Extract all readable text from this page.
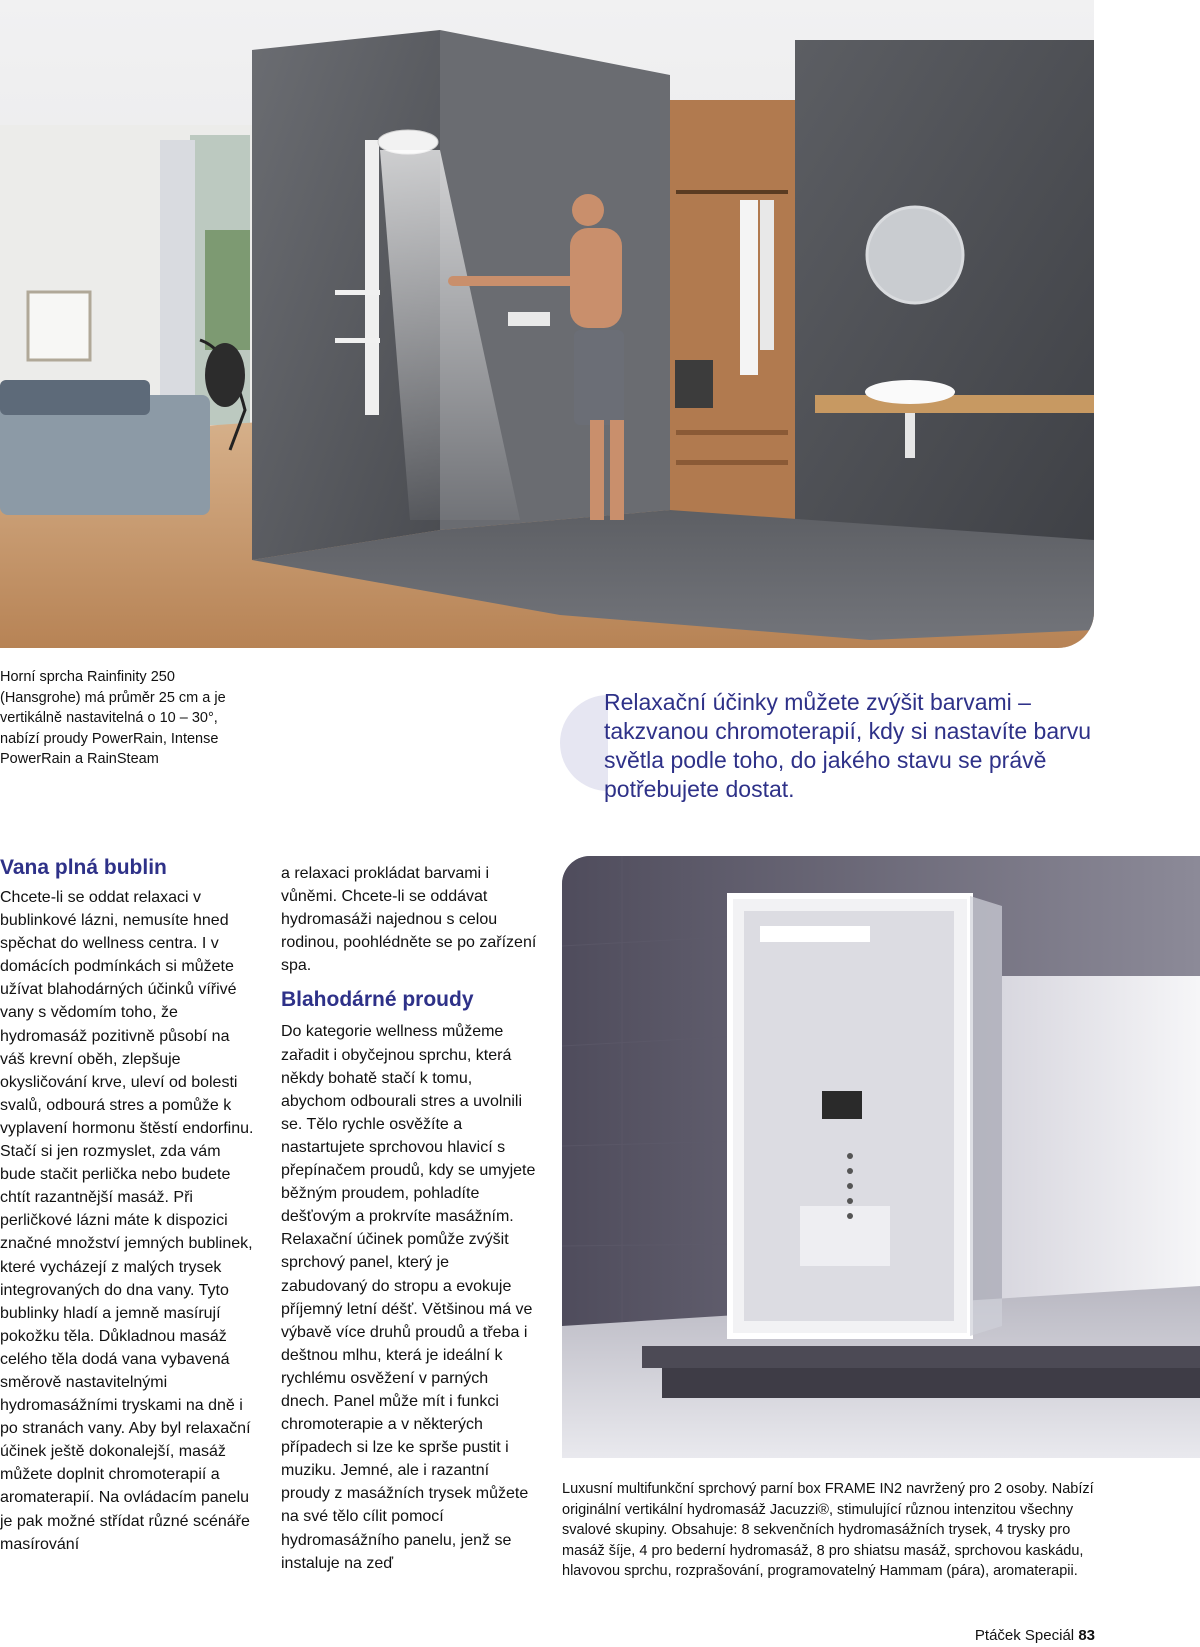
Horní sprcha Rainfinity 250 (Hansgrohe) má průměr 25 cm a je vertikálně nastavitelná o 10 – 30°, nabízí proudy PowerRain, Intense PowerRain a RainSteam
Relaxační účinky můžete zvýšit barvami – takzvanou chromoterapií, kdy si nastavíte barvu světla podle toho, do jakého stavu se právě potřebujete dostat.
Vana plná bublin

Chcete-li se oddat relaxaci v bublinkové lázni, nemusíte hned spěchat do wellness centra. I v domácích podmínkách si můžete užívat blahodárných účinků vířivé vany s vědomím toho, že hydromasáž pozitivně působí na váš krevní oběh, zlepšuje okysličování krve, uleví od bolesti svalů, odbourá stres a pomůže k vyplavení hormonu štěstí endorfinu. Stačí si jen rozmyslet, zda vám bude stačit perlička nebo budete chtít razantnější masáž. Při perličkové lázni máte k dispozici značné množství jemných bublinek, které vycházejí z malých trysek integrovaných do dna vany. Tyto bublinky hladí a jemně masírují pokožku těla. Důkladnou masáž celého těla dodá vana vybavená směrově nastavitelnými hydromasážními tryskami na dně i po stranách vany. Aby byl relaxační účinek ještě dokonalejší, masáž můžete doplnit chromoterapií a aromaterapií. Na ovládacím panelu je pak možné střídat různé scénáře masírování

a relaxaci prokládat barvami i vůněmi. Chcete-li se oddávat hydromasáži najednou s celou rodinou, poohlédněte se po zařízení spa.

Blahodárné proudy

Do kategorie wellness můžeme zařadit i obyčejnou sprchu, která někdy bohatě stačí k tomu, abychom odbourali stres a uvolnili se. Tělo rychle osvěžíte a nastartujete sprchovou hlavicí s přepínačem proudů, kdy se umyjete běžným proudem, pohladíte dešťovým a prokrvíte masážním. Relaxační účinek pomůže zvýšit sprchový panel, který je zabudovaný do stropu a evokuje příjemný letní déšť. Většinou má ve výbavě více druhů proudů a třeba i deštnou mlhu, která je ideální k rychlému osvěžení v parných dnech. Panel může mít i funkci chromoterapie a v některých případech si lze ke sprše pustit i muziku. Jemné, ale i razantní proudy z masážních trysek můžete na své tělo cílit pomocí hydromasážního panelu, jenž se instaluje na zeď

Luxusní multifunkční sprchový parní box FRAME IN2 navržený pro 2 osoby. Nabízí originální vertikální hydromasáž Jacuzzi®, stimulující různou intenzitou všechny svalové skupiny. Obsahuje: 8 sekvenčních hydromasážních trysek, 4 trysky pro masáž šíje, 4 pro bederní hydromasáž, 8 pro shiatsu masáž, sprchovou kaskádu, hlavovou sprchu, rozprašování, programovatelný Hammam (pára), aromaterapii.
Ptáček Speciál 83
